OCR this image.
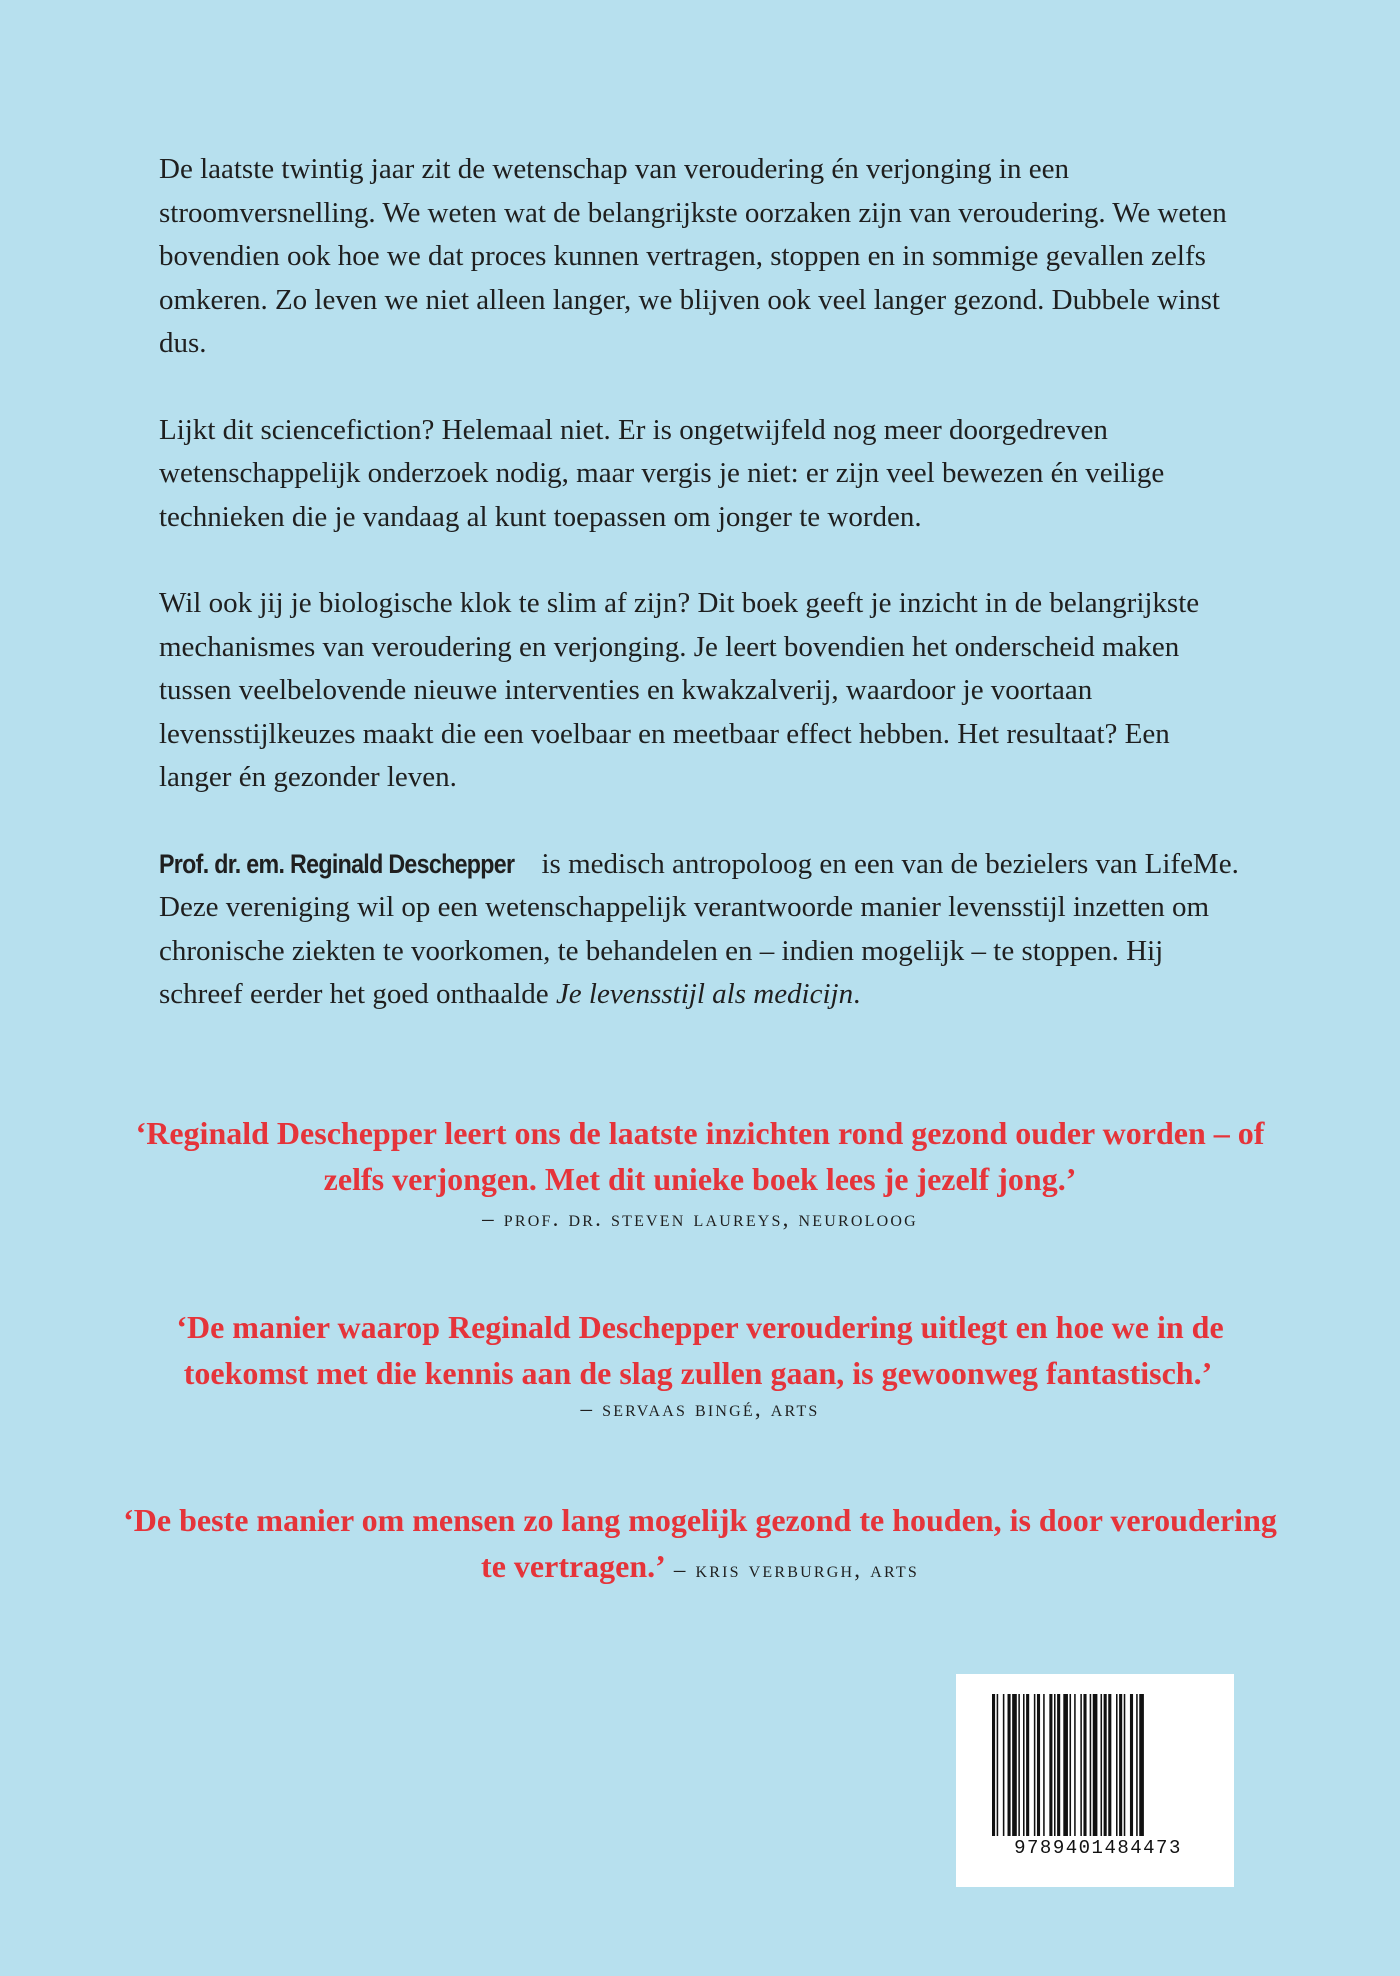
De laatste twintig jaar zit de wetenschap van veroudering én verjonging in een stroomversnelling. We weten wat de belangrijkste oorzaken zijn van veroudering. We weten bovendien ook hoe we dat proces kunnen vertragen, stoppen en in sommige gevallen zelfs omkeren. Zo leven we niet alleen langer, we blijven ook veel langer gezond. Dubbele winst dus.

Lijkt dit sciencefiction? Helemaal niet. Er is ongetwijfeld nog meer doorgedreven wetenschappelijk onderzoek nodig, maar vergis je niet: er zijn veel bewezen én veilige technieken die je vandaag al kunt toepassen om jonger te worden.

Wil ook jij je biologische klok te slim af zijn? Dit boek geeft je inzicht in de belangrijkste mechanismes van veroudering en verjonging. Je leert bovendien het onderscheid maken tussen veelbelovende nieuwe interventies en kwakzalverij, waardoor je voortaan levensstijlkeuzes maakt die een voelbaar en meetbaar effect hebben. Het resultaat? Een langer én gezonder leven.

Prof. dr. em. Reginald Deschepper is medisch antropoloog en een van de bezielers van LifeMe. Deze vereniging wil op een wetenschappelijk verantwoorde manier levensstijl inzetten om chronische ziekten te voorkomen, te behandelen en – indien mogelijk – te stoppen. Hij schreef eerder het goed onthaalde Je levensstijl als medicijn.

‘Reginald Deschepper leert ons de laatste inzichten rond gezond ouder worden – of zelfs verjongen. Met dit unieke boek lees je jezelf jong.’
– prof. dr. steven laureys, neuroloog

‘De manier waarop Reginald Deschepper veroudering uitlegt en hoe we in de toekomst met die kennis aan de slag zullen gaan, is gewoonweg fantastisch.’  – servaas bingé, arts

‘De beste manier om mensen zo lang mogelijk gezond te houden, is door veroudering te vertragen.’ – kris verburgh, arts

9789401484473
